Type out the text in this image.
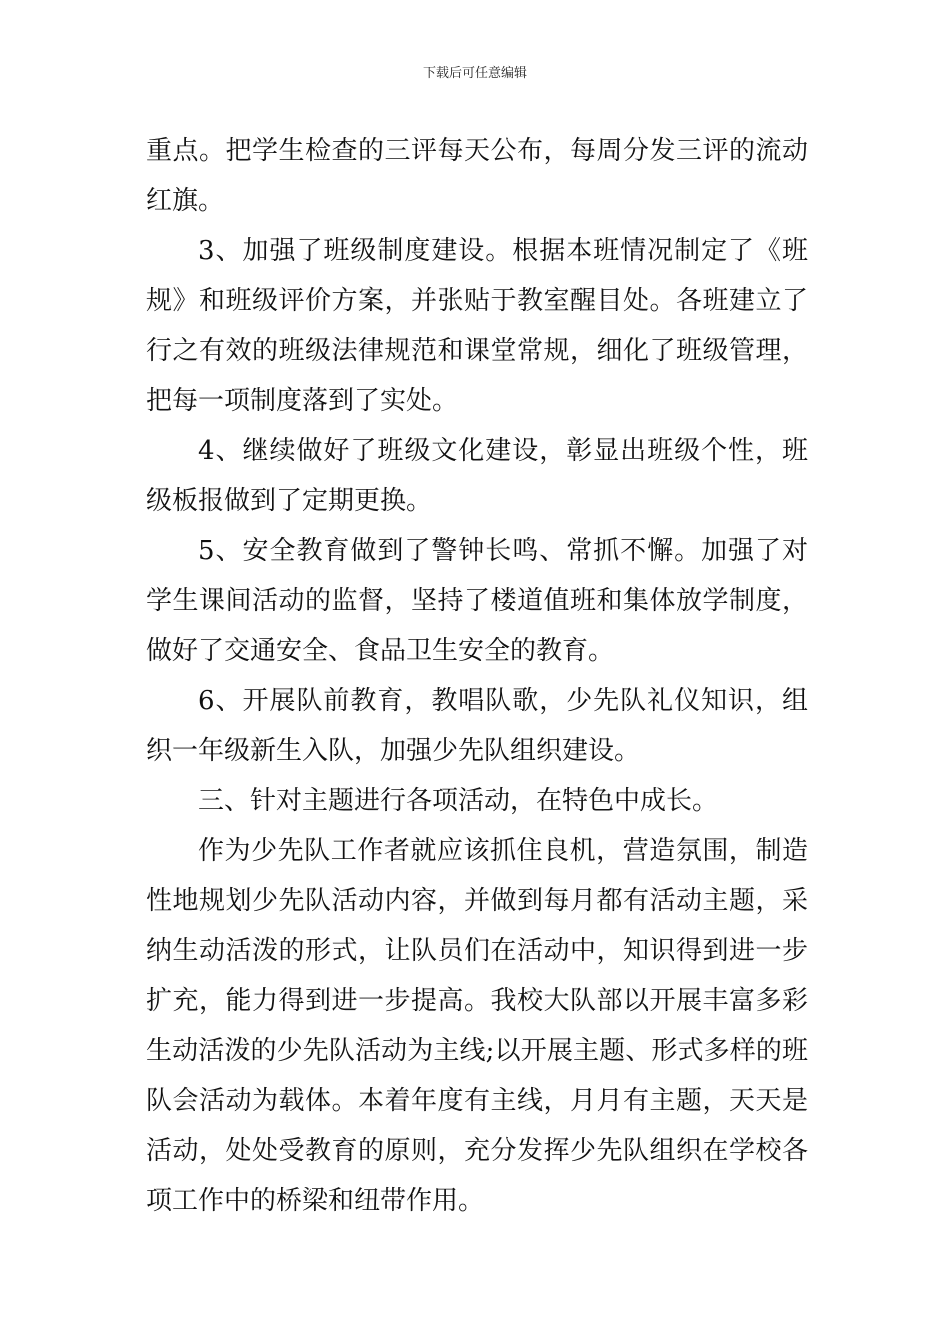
下载后可任意编辑

重点。把学生检查的三评每天公布，每周分发三评的流动红旗。

3、加强了班级制度建设。根据本班情况制定了《班规》和班级评价方案，并张贴于教室醒目处。各班建立了行之有效的班级法律规范和课堂常规，细化了班级管理，把每一项制度落到了实处。

4、继续做好了班级文化建设，彰显出班级个性，班级板报做到了定期更换。

5、安全教育做到了警钟长鸣、常抓不懈。加强了对学生课间活动的监督，坚持了楼道值班和集体放学制度，做好了交通安全、食品卫生安全的教育。

6、开展队前教育，教唱队歌，少先队礼仪知识，组织一年级新生入队，加强少先队组织建设。

三、针对主题进行各项活动，在特色中成长。

作为少先队工作者就应该抓住良机，营造氛围，制造性地规划少先队活动内容，并做到每月都有活动主题，采纳生动活泼的形式，让队员们在活动中，知识得到进一步扩充，能力得到进一步提高。我校大队部以开展丰富多彩生动活泼的少先队活动为主线;以开展主题、形式多样的班队会活动为载体。本着年度有主线，月月有主题，天天是活动，处处受教育的原则，充分发挥少先队组织在学校各项工作中的桥梁和纽带作用。
